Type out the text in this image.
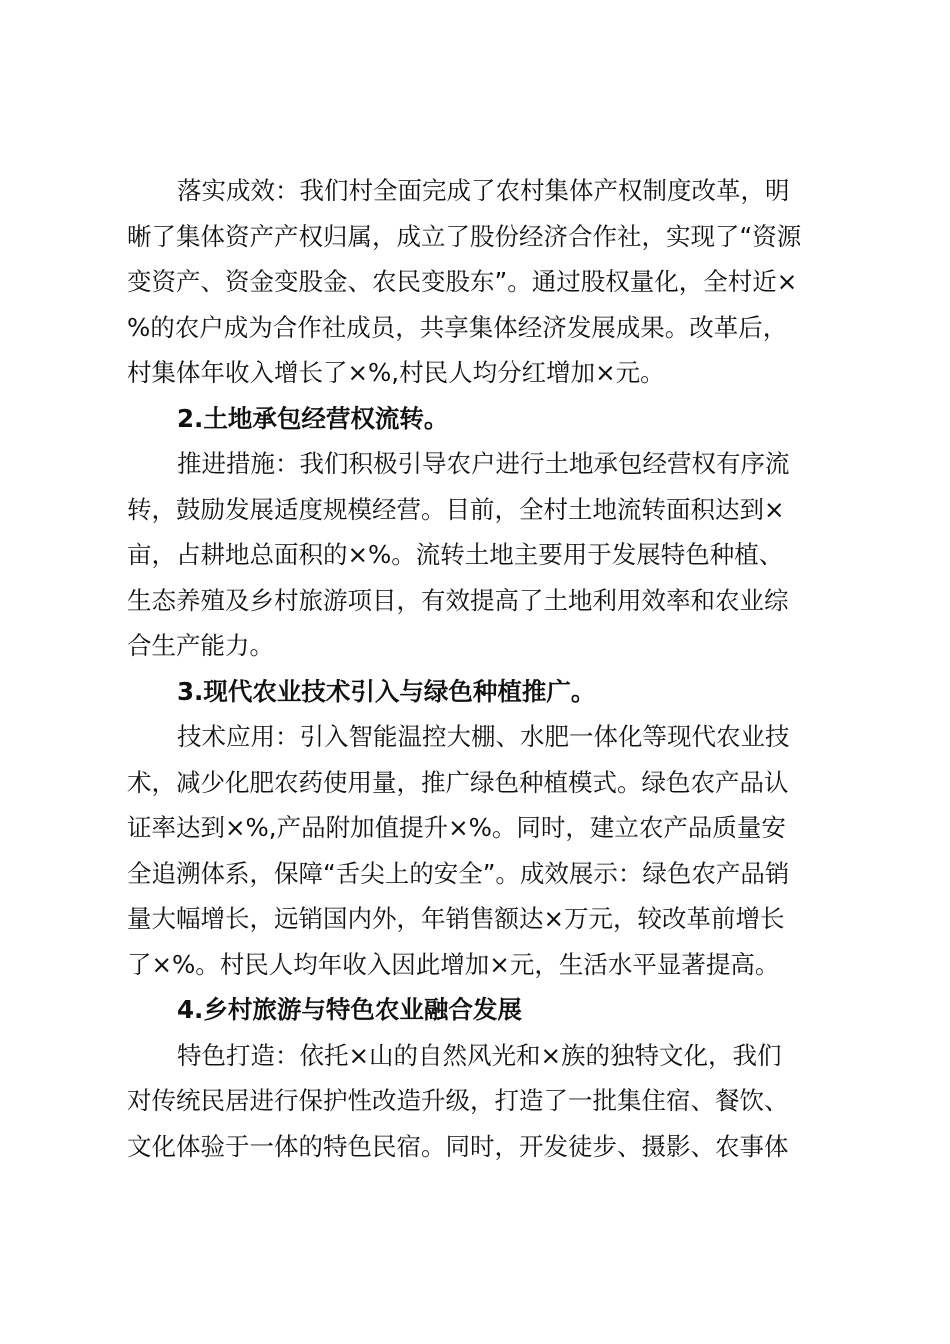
落实成效：我们村全面完成了农村集体产权制度改革，明
晰了集体资产产权归属，成立了股份经济合作社，实现了“资源
变资产、资金变股金、农民变股东”。通过股权量化，全村近×
%的农户成为合作社成员，共享集体经济发展成果。改革后，
村集体年收入增长了×%,村民人均分红增加×元。
2.土地承包经营权流转。
推进措施：我们积极引导农户进行土地承包经营权有序流
转，鼓励发展适度规模经营。目前，全村土地流转面积达到×
亩，占耕地总面积的×%。流转土地主要用于发展特色种植、
生态养殖及乡村旅游项目，有效提高了土地利用效率和农业综
合生产能力。
3.现代农业技术引入与绿色种植推广。
技术应用：引入智能温控大棚、水肥一体化等现代农业技
术，减少化肥农药使用量，推广绿色种植模式。绿色农产品认
证率达到×%,产品附加值提升×%。同时，建立农产品质量安
全追溯体系，保障“舌尖上的安全”。成效展示：绿色农产品销
量大幅增长，远销国内外，年销售额达×万元，较改革前增长
了×%。村民人均年收入因此增加×元，生活水平显著提高。
4.乡村旅游与特色农业融合发展
特色打造：依托×山的自然风光和×族的独特文化，我们
对传统民居进行保护性改造升级，打造了一批集住宿、餐饮、
文化体验于一体的特色民宿。同时，开发徒步、摄影、农事体
